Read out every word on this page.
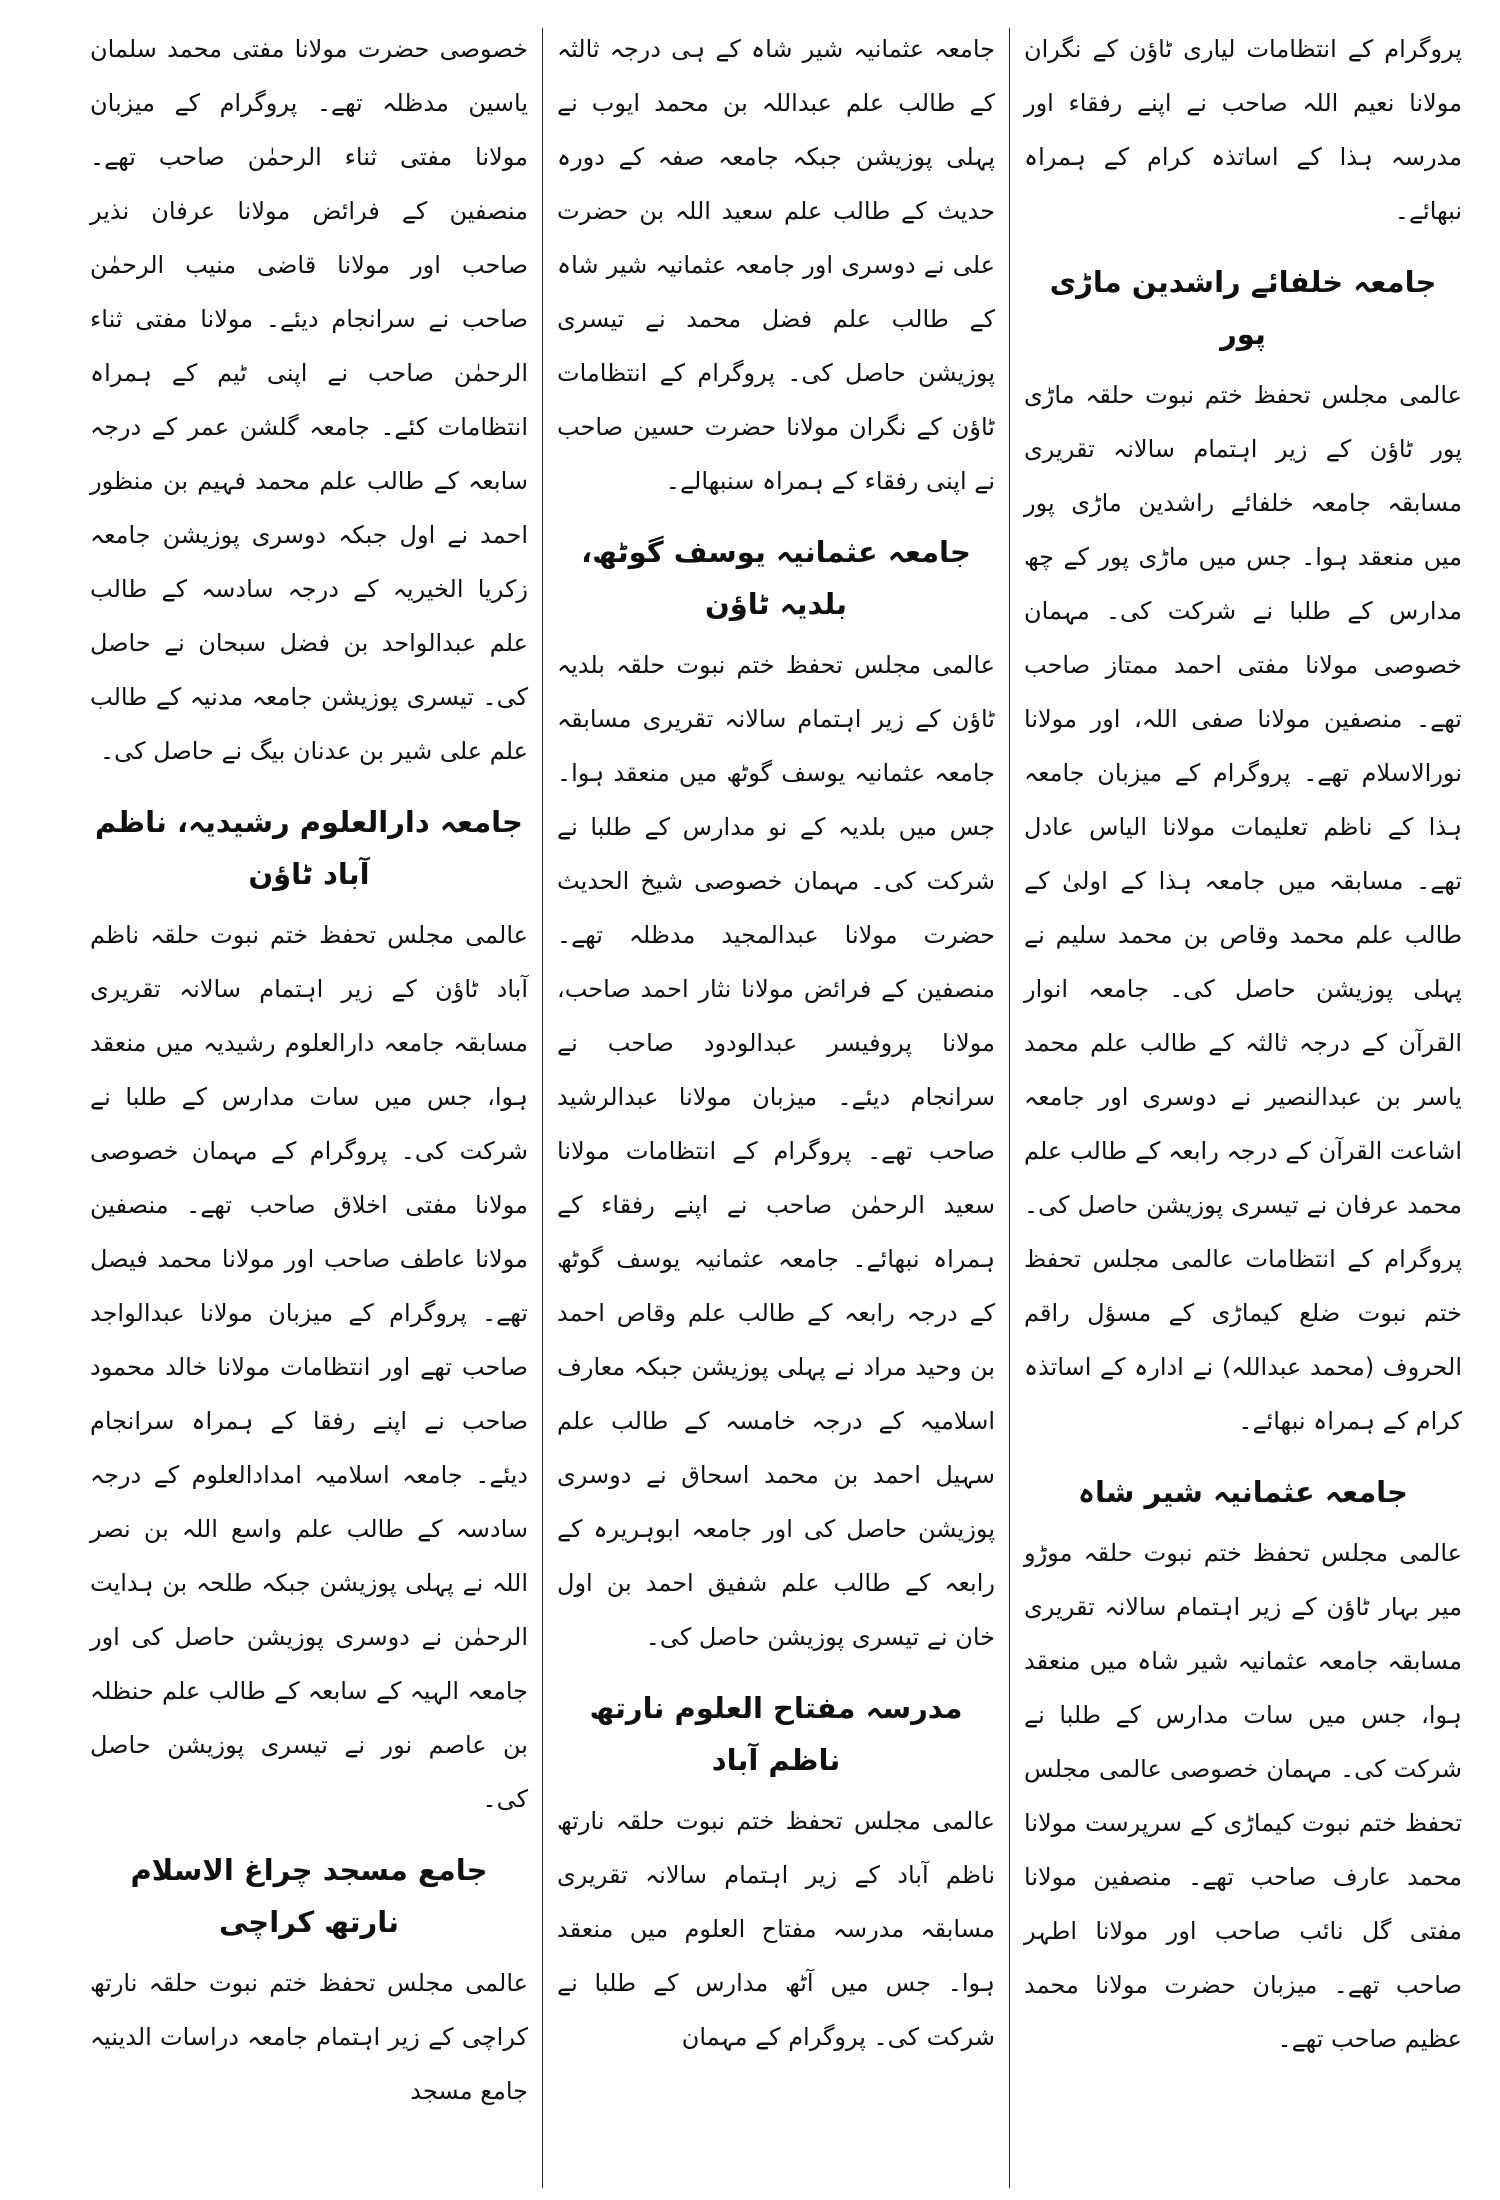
پروگرام کے انتظامات لیاری ٹاؤن کے نگران مولانا نعیم اللہ صاحب نے اپنے رفقاء اور مدرسہ ہذا کے اساتذہ کرام کے ہمراہ نبھائے۔

جامعہ خلفائے راشدین ماڑی پور

عالمی مجلس تحفظ ختم نبوت حلقہ ماڑی پور ٹاؤن کے زیر اہتمام سالانہ تقریری مسابقہ جامعہ خلفائے راشدین ماڑی پور میں منعقد ہوا۔ جس میں ماڑی پور کے چھ مدارس کے طلبا نے شرکت کی۔ مہمان خصوصی مولانا مفتی احمد ممتاز صاحب تھے۔ منصفین مولانا صفی اللہ، اور مولانا نورالاسلام تھے۔ پروگرام کے میزبان جامعہ ہذا کے ناظم تعلیمات مولانا الیاس عادل تھے۔ مسابقہ میں جامعہ ہذا کے اولیٰ کے طالب علم محمد وقاص بن محمد سلیم نے پہلی پوزیشن حاصل کی۔ جامعہ انوار القرآن کے درجہ ثالثہ کے طالب علم محمد یاسر بن عبدالنصیر نے دوسری اور جامعہ اشاعت القرآن کے درجہ رابعہ کے طالب علم محمد عرفان نے تیسری پوزیشن حاصل کی۔ پروگرام کے انتظامات عالمی مجلس تحفظ ختم نبوت ضلع کیماڑی کے مسؤل راقم الحروف (محمد عبداللہ) نے ادارہ کے اساتذہ کرام کے ہمراہ نبھائے۔

جامعہ عثمانیہ شیر شاہ

عالمی مجلس تحفظ ختم نبوت حلقہ موڑو میر بہار ٹاؤن کے زیر اہتمام سالانہ تقریری مسابقہ جامعہ عثمانیہ شیر شاہ میں منعقد ہوا، جس میں سات مدارس کے طلبا نے شرکت کی۔ مہمان خصوصی عالمی مجلس تحفظ ختم نبوت کیماڑی کے سرپرست مولانا محمد عارف صاحب تھے۔ منصفین مولانا مفتی گل نائب صاحب اور مولانا اطہر صاحب تھے۔ میزبان حضرت مولانا محمد عظیم صاحب تھے۔

جامعہ عثمانیہ شیر شاہ کے ہی درجہ ثالثہ کے طالب علم عبداللہ بن محمد ایوب نے پہلی پوزیشن جبکہ جامعہ صفہ کے دورہ حدیث کے طالب علم سعید اللہ بن حضرت علی نے دوسری اور جامعہ عثمانیہ شیر شاہ کے طالب علم فضل محمد نے تیسری پوزیشن حاصل کی۔ پروگرام کے انتظامات ٹاؤن کے نگران مولانا حضرت حسین صاحب نے اپنی رفقاء کے ہمراہ سنبھالے۔

جامعہ عثمانیہ یوسف گوٹھ، بلدیہ ٹاؤن

عالمی مجلس تحفظ ختم نبوت حلقہ بلدیہ ٹاؤن کے زیر اہتمام سالانہ تقریری مسابقہ جامعہ عثمانیہ یوسف گوٹھ میں منعقد ہوا۔ جس میں بلدیہ کے نو مدارس کے طلبا نے شرکت کی۔ مہمان خصوصی شیخ الحدیث حضرت مولانا عبدالمجید مدظلہ تھے۔ منصفین کے فرائض مولانا نثار احمد صاحب، مولانا پروفیسر عبدالودود صاحب نے سرانجام دیئے۔ میزبان مولانا عبدالرشید صاحب تھے۔ پروگرام کے انتظامات مولانا سعید الرحمٰن صاحب نے اپنے رفقاء کے ہمراہ نبھائے۔ جامعہ عثمانیہ یوسف گوٹھ کے درجہ رابعہ کے طالب علم وقاص احمد بن وحید مراد نے پہلی پوزیشن جبکہ معارف اسلامیہ کے درجہ خامسہ کے طالب علم سہیل احمد بن محمد اسحاق نے دوسری پوزیشن حاصل کی اور جامعہ ابوہریرہ کے رابعہ کے طالب علم شفیق احمد بن اول خان نے تیسری پوزیشن حاصل کی۔

مدرسہ مفتاح العلوم نارتھ ناظم آباد

عالمی مجلس تحفظ ختم نبوت حلقہ نارتھ ناظم آباد کے زیر اہتمام سالانہ تقریری مسابقہ مدرسہ مفتاح العلوم میں منعقد ہوا۔ جس میں آٹھ مدارس کے طلبا نے شرکت کی۔ پروگرام کے مہمان

خصوصی حضرت مولانا مفتی محمد سلمان یاسین مدظلہ تھے۔ پروگرام کے میزبان مولانا مفتی ثناء الرحمٰن صاحب تھے۔ منصفین کے فرائض مولانا عرفان نذیر صاحب اور مولانا قاضی منیب الرحمٰن صاحب نے سرانجام دیئے۔ مولانا مفتی ثناء الرحمٰن صاحب نے اپنی ٹیم کے ہمراہ انتظامات کئے۔ جامعہ گلشن عمر کے درجہ سابعہ کے طالب علم محمد فہیم بن منظور احمد نے اول جبکہ دوسری پوزیشن جامعہ زکریا الخیریہ کے درجہ سادسہ کے طالب علم عبدالواحد بن فضل سبحان نے حاصل کی۔ تیسری پوزیشن جامعہ مدنیہ کے طالب علم علی شیر بن عدنان بیگ نے حاصل کی۔

جامعہ دارالعلوم رشیدیہ، ناظم آباد ٹاؤن

عالمی مجلس تحفظ ختم نبوت حلقہ ناظم آباد ٹاؤن کے زیر اہتمام سالانہ تقریری مسابقہ جامعہ دارالعلوم رشیدیہ میں منعقد ہوا، جس میں سات مدارس کے طلبا نے شرکت کی۔ پروگرام کے مہمان خصوصی مولانا مفتی اخلاق صاحب تھے۔ منصفین مولانا عاطف صاحب اور مولانا محمد فیصل تھے۔ پروگرام کے میزبان مولانا عبدالواجد صاحب تھے اور انتظامات مولانا خالد محمود صاحب نے اپنے رفقا کے ہمراہ سرانجام دیئے۔ جامعہ اسلامیہ امدادالعلوم کے درجہ سادسہ کے طالب علم واسع اللہ بن نصر اللہ نے پہلی پوزیشن جبکہ طلحہ بن ہدایت الرحمٰن نے دوسری پوزیشن حاصل کی اور جامعہ الہیہ کے سابعہ کے طالب علم حنظلہ بن عاصم نور نے تیسری پوزیشن حاصل کی۔

جامع مسجد چراغ الاسلام نارتھ کراچی

عالمی مجلس تحفظ ختم نبوت حلقہ نارتھ کراچی کے زیر اہتمام جامعہ دراسات الدینیہ جامع مسجد
